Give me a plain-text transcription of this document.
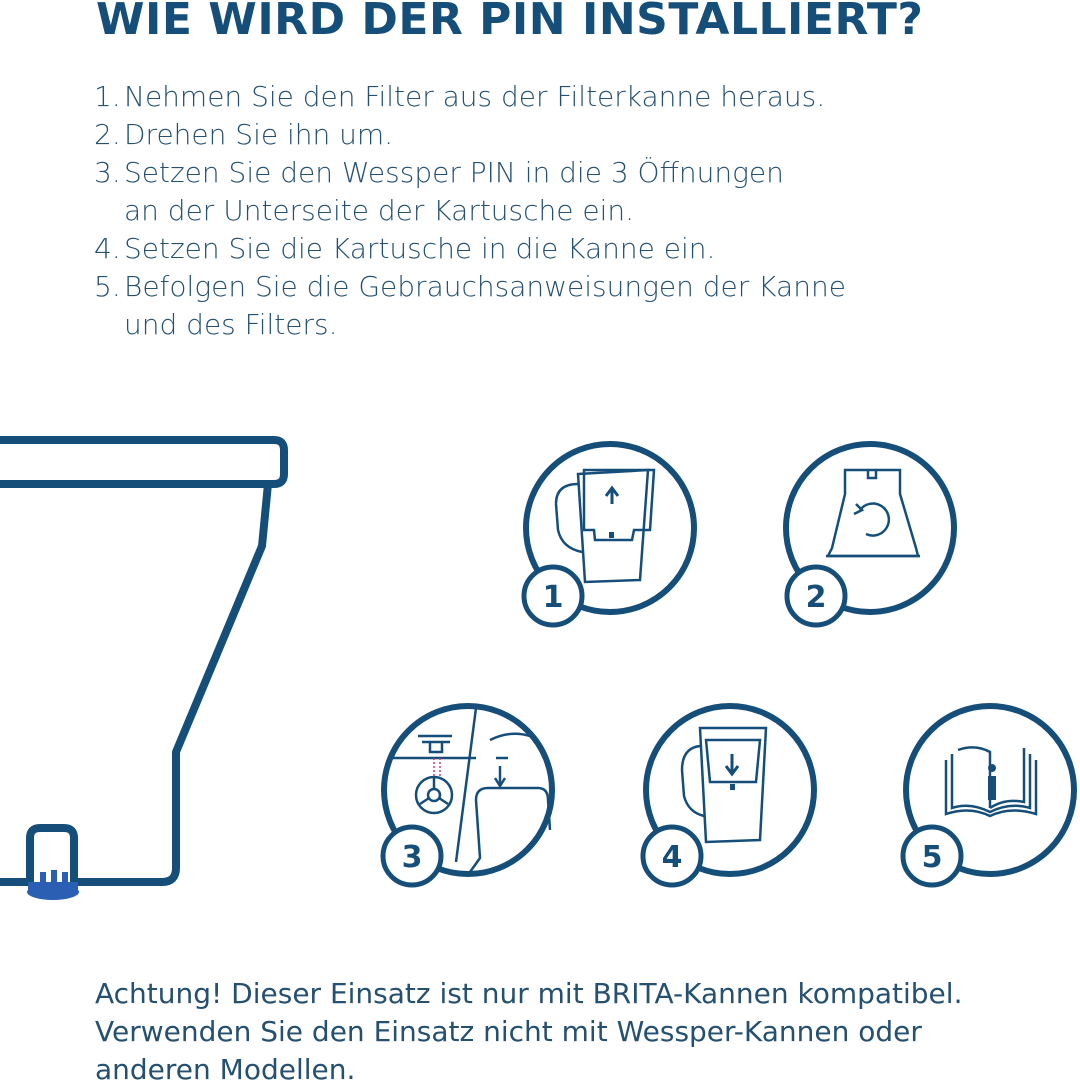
WIE WIRD DER PIN INSTALLIERT?
1. Nehmen Sie den Filter aus der Filterkanne heraus.
2. Drehen Sie ihn um.
3. Setzen Sie den Wessper PIN in die 3 Öffnungen
an der Unterseite der Kartusche ein.
4. Setzen Sie die Kartusche in die Kanne ein.
5. Befolgen Sie die Gebrauchsanweisungen der Kanne
und des Filters.
1	2
3	4	5

Achtung! Dieser Einsatz ist nur mit BRITA-Kannen kompatibel.
Verwenden Sie den Einsatz nicht mit Wessper-Kannen oder
anderen Modellen.
